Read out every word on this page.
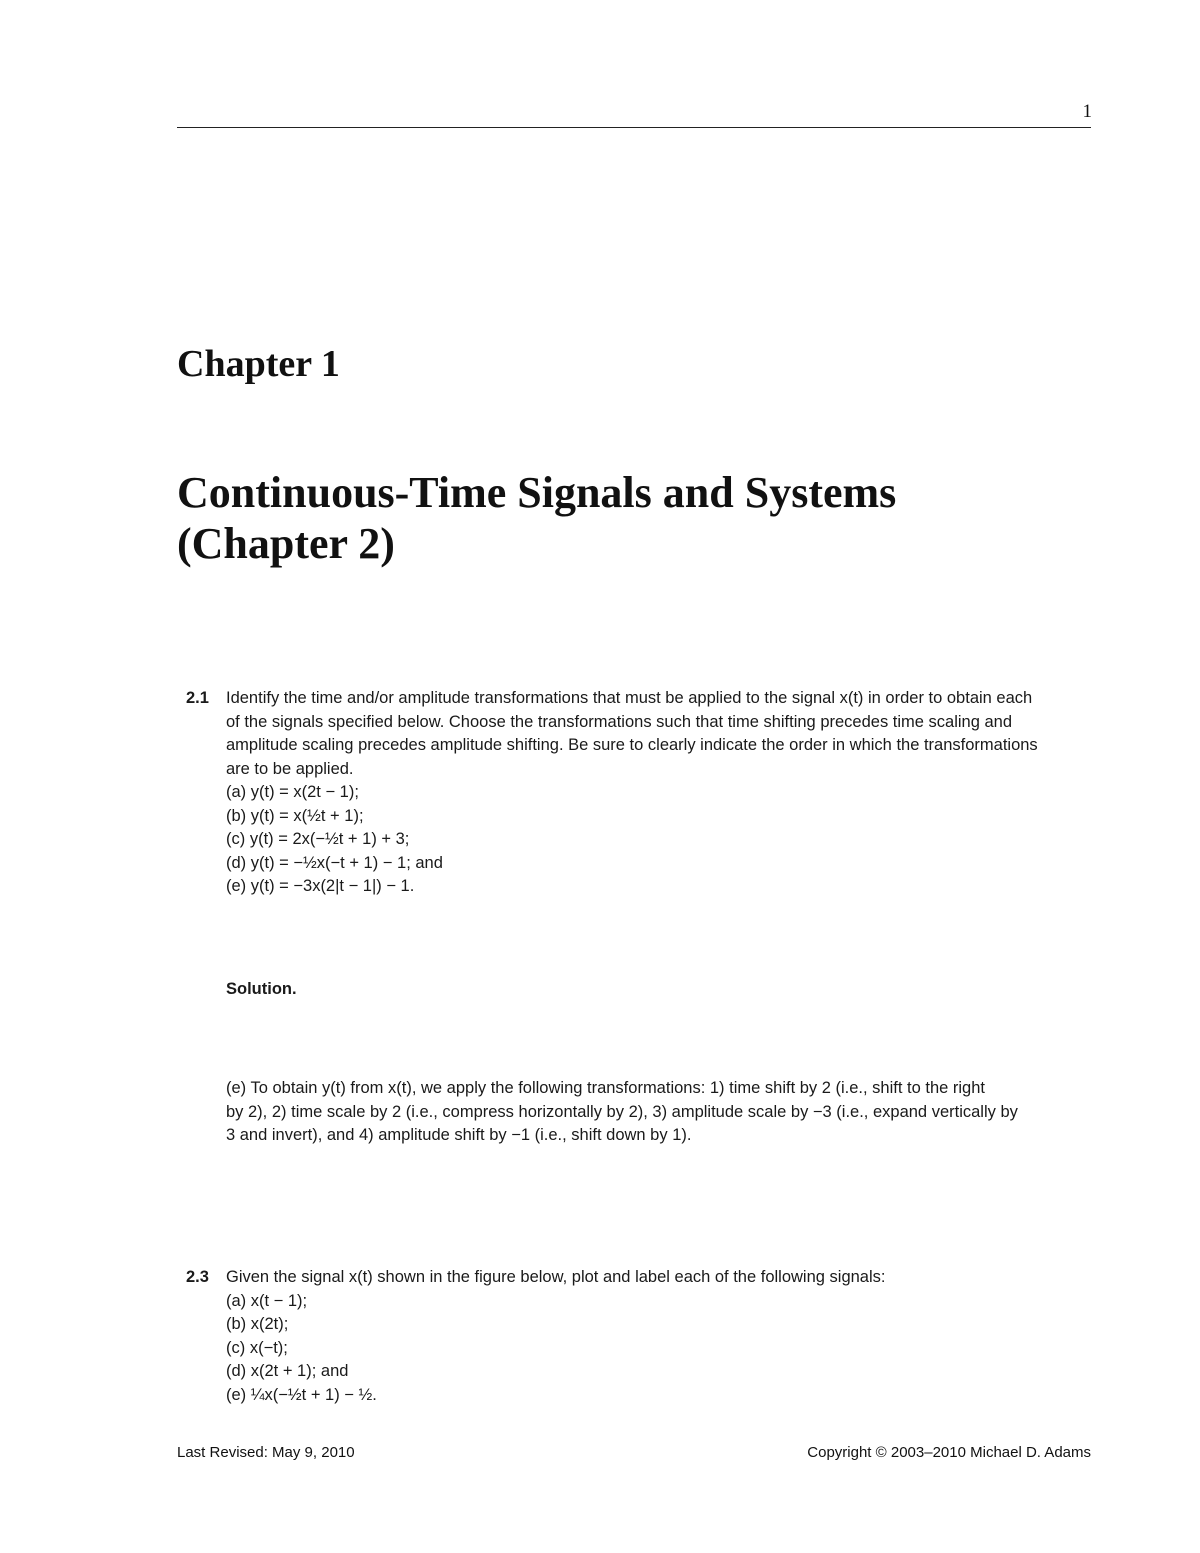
1
Chapter 1
Continuous-Time Signals and Systems
(Chapter 2)
2.1 Identify the time and/or amplitude transformations that must be applied to the signal x(t) in order to obtain each
of the signals specified below. Choose the transformations such that time shifting precedes time scaling and
amplitude scaling precedes amplitude shifting. Be sure to clearly indicate the order in which the transformations
are to be applied.
(a) y(t) = x(2t − 1);
(b) y(t) = x(½t + 1);
(c) y(t) = 2x(−½t + 1) + 3;
(d) y(t) = −½x(−t + 1) − 1; and
(e) y(t) = −3x(2|t − 1|) − 1.
Solution.
(e) To obtain y(t) from x(t), we apply the following transformations: 1) time shift by 2 (i.e., shift to the right
by 2), 2) time scale by 2 (i.e., compress horizontally by 2), 3) amplitude scale by −3 (i.e., expand vertically by
3 and invert), and 4) amplitude shift by −1 (i.e., shift down by 1).
2.3 Given the signal x(t) shown in the figure below, plot and label each of the following signals:
(a) x(t − 1);
(b) x(2t);
(c) x(−t);
(d) x(2t + 1); and
(e) ¼x(−½t + 1) − ½.
Last Revised: May 9, 2010	Copyright © 2003–2010 Michael D. Adams
